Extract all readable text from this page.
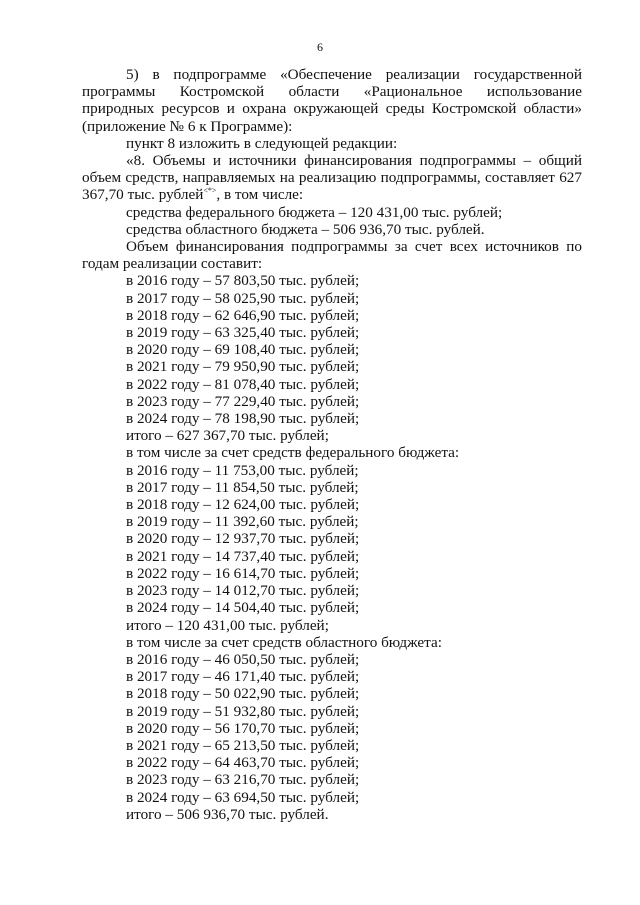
6

5) в подпрограмме «Обеспечение реализации государственной

программы Костромской области «Рациональное использование

природных ресурсов и охрана окружающей среды Костромской области» (приложение № 6 к Программе):

пункт 8 изложить в следующей редакции:

«8. Объемы и источники финансирования подпрограммы – общий объем средств, направляемых на реализацию подпрограммы, составляет 627 367,70 тыс. рублей<*>, в том числе:

средства федерального бюджета – 120 431,00 тыс. рублей;

средства областного бюджета – 506 936,70 тыс. рублей.

Объем финансирования подпрограммы за счет всех источников по годам реализации составит:

в 2016 году – 57 803,50 тыс. рублей;

в 2017 году – 58 025,90 тыс. рублей;

в 2018 году – 62 646,90 тыс. рублей;

в 2019 году – 63 325,40 тыс. рублей;

в 2020 году – 69 108,40 тыс. рублей;

в 2021 году – 79 950,90 тыс. рублей;

в 2022 году – 81 078,40 тыс. рублей;

в 2023 году – 77 229,40 тыс. рублей;

в 2024 году – 78 198,90 тыс. рублей;

итого – 627 367,70 тыс. рублей;

в том числе за счет средств федерального бюджета:

в 2016 году – 11 753,00 тыс. рублей;

в 2017 году – 11 854,50 тыс. рублей;

в 2018 году – 12 624,00 тыс. рублей;

в 2019 году – 11 392,60 тыс. рублей;

в 2020 году – 12 937,70 тыс. рублей;

в 2021 году – 14 737,40 тыс. рублей;

в 2022 году – 16 614,70 тыс. рублей;

в 2023 году – 14 012,70 тыс. рублей;

в 2024 году – 14 504,40 тыс. рублей;

итого – 120 431,00 тыс. рублей;

в том числе за счет средств областного бюджета:

в 2016 году – 46 050,50 тыс. рублей;

в 2017 году – 46 171,40 тыс. рублей;

в 2018 году – 50 022,90 тыс. рублей;

в 2019 году – 51 932,80 тыс. рублей;

в 2020 году – 56 170,70 тыс. рублей;

в 2021 году – 65 213,50 тыс. рублей;

в 2022 году – 64 463,70 тыс. рублей;

в 2023 году – 63 216,70 тыс. рублей;

в 2024 году – 63 694,50 тыс. рублей;

итого – 506 936,70 тыс. рублей.
